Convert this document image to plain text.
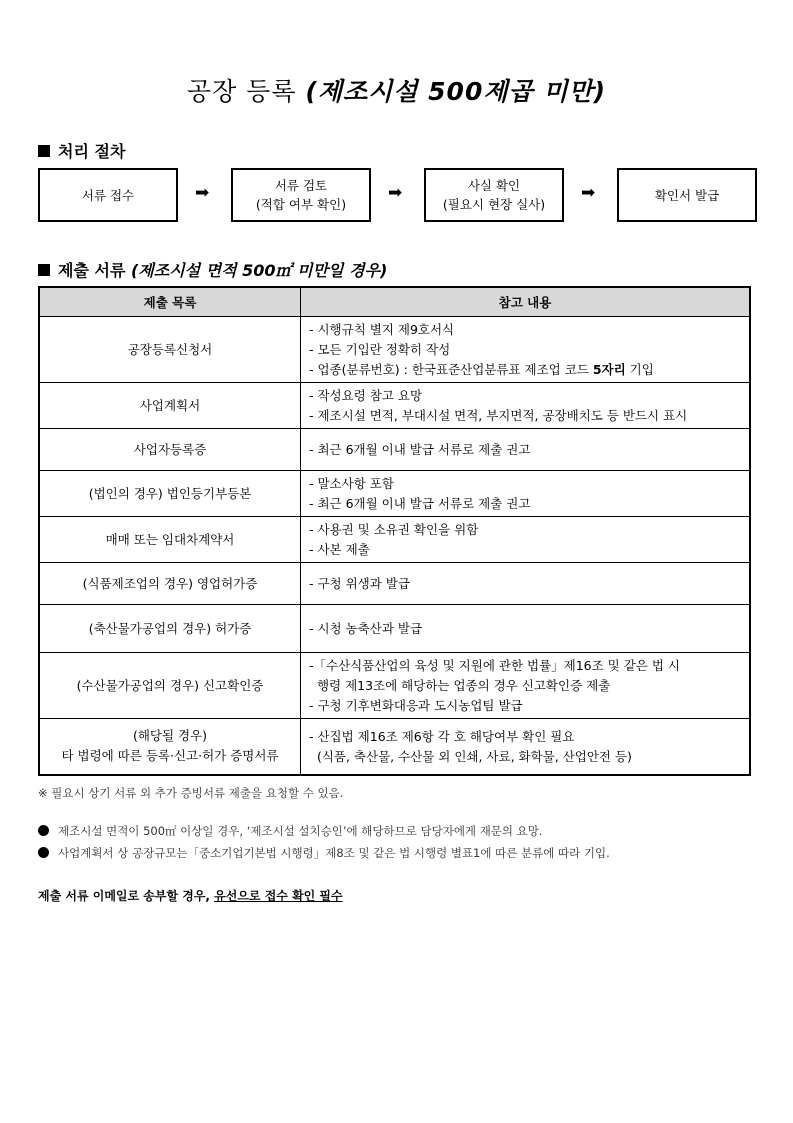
공장 등록 (제조시설 500제곱 미만)
처리 절차
서류 접수	➡	서류 검토
(적합 여부 확인)
➡	사실 확인
(필요시 현장 실사)
➡	확인서 발급
제출 서류 (제조시설 면적 500㎡ 미만일 경우)
제출 목록	참고 내용
공장등록신청서	- 시행규칙 별지 제9호서식
- 모든 기입란 정확히 작성
- 업종(분류번호) : 한국표준산업분류표 제조업 코드 5자리 기입

사업계획서	- 작성요령 참고 요망
- 제조시설 면적, 부대시설 면적, 부지면적, 공장배치도 등 반드시 표시

사업자등록증	- 최근 6개월 이내 발급 서류로 제출 권고

(법인의 경우) 법인등기부등본	- 말소사항 포함
- 최근 6개월 이내 발급 서류로 제출 권고

매매 또는 임대차계약서	- 사용권 및 소유권 확인을 위함
- 사본 제출

(식품제조업의 경우) 영업허가증	- 구청 위생과 발급

(축산물가공업의 경우) 허가증	- 시청 농축산과 발급

(수산물가공업의 경우) 신고확인증	-「수산식품산업의 육성 및 지원에 관한 법률」제16조 및 같은 법 시
행령 제13조에 해당하는 업종의 경우 신고확인증 제출
- 구청 기후변화대응과 도시농업팀 발급

(해당될 경우)
타 법령에 따른 등록·신고·허가 증명서류	- 산집법 제16조 제6항 각 호 해당여부 확인 필요
(식품, 축산물, 수산물 외 인쇄, 사료, 화학물, 산업안전 등)
※ 필요시 상기 서류 외 추가 증빙서류 제출을 요청할 수 있음.
제조시설 면적이 500㎡ 이상일 경우, ‘제조시설 설치승인’에 해당하므로 담당자에게 재문의 요망.
사업계획서 상 공장규모는「중소기업기본법 시행령」제8조 및 같은 법 시행령 별표1에 따른 분류에 따라 기입.
제출 서류 이메일로 송부할 경우, 유선으로 접수 확인 필수
